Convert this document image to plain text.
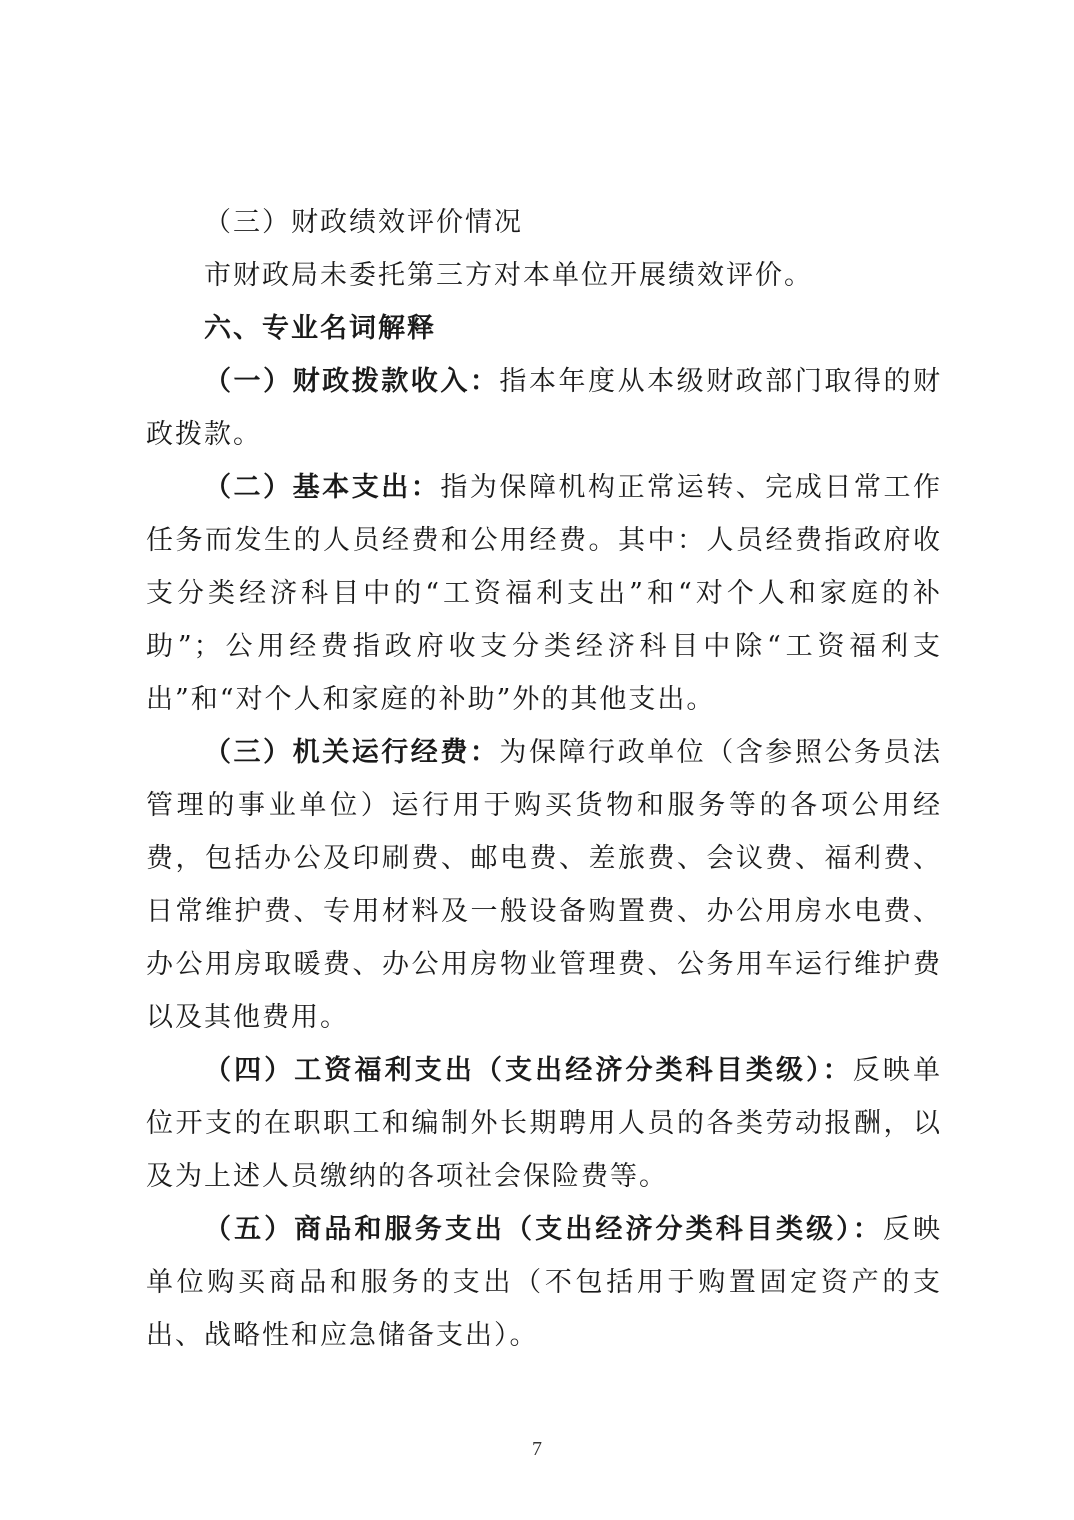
（三）财政绩效评价情况

市财政局未委托第三方对本单位开展绩效评价。

六、专业名词解释

（一）财政拨款收入：指本年度从本级财政部门取得的财政拨款。

（二）基本支出：指为保障机构正常运转、完成日常工作任务而发生的人员经费和公用经费。其中：人员经费指政府收支分类经济科目中的“工资福利支出”和“对个人和家庭的补助”；公用经费指政府收支分类经济科目中除“工资福利支出”和“对个人和家庭的补助”外的其他支出。

（三）机关运行经费：为保障行政单位（含参照公务员法管理的事业单位）运行用于购买货物和服务等的各项公用经费，包括办公及印刷费、邮电费、差旅费、会议费、福利费、日常维护费、专用材料及一般设备购置费、办公用房水电费、办公用房取暖费、办公用房物业管理费、公务用车运行维护费以及其他费用。

（四）工资福利支出（支出经济分类科目类级）：反映单位开支的在职职工和编制外长期聘用人员的各类劳动报酬，以及为上述人员缴纳的各项社会保险费等。

（五）商品和服务支出（支出经济分类科目类级）：反映单位购买商品和服务的支出（不包括用于购置固定资产的支出、战略性和应急储备支出）。

7
